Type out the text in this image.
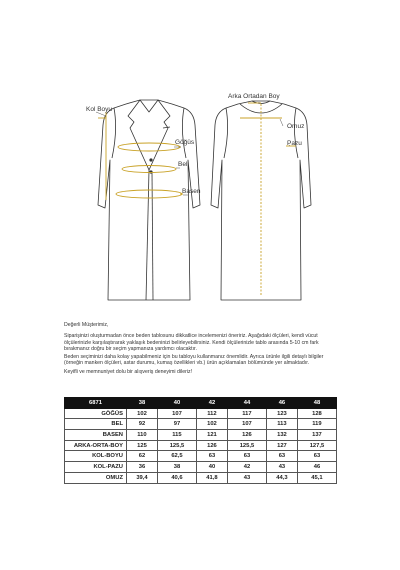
Kol Boyu
Göğüs
Bel
Basen
Arka Ortadan Boy
Omuz
Pazu

Değerli Müşterimiz,

Siparişinizi oluşturmadan önce beden tablosunu dikkatlice incelemenizi öneririz. Aşağıdaki ölçüleri, kendi vücut ölçülerinizle karşılaştırarak yaklaşık bedeninizi belirleyebilirsiniz. Kendi ölçülerinizle tablo arasında 5-10 cm fark bırakmanız doğru bir seçim yapmanıza yardımcı olacaktır.

Beden seçiminizi daha kolay yapabilmeniz için bu tabloyu kullanmanız önemlidir. Ayrıca ürünle ilgili detaylı bilgiler (örneğin manken ölçüleri, astar durumu, kumaş özellikleri vb.) ürün açıklamaları bölümünde yer almaktadır.

Keyifli ve memnuniyet dolu bir alışveriş deneyimi dileriz!

6871	38	40	42	44	46	48
GÖĞÜS	102	107	112	117	123	128
BEL	92	97	102	107	113	119
BASEN	110	115	121	126	132	137
ARKA-ORTA-BOY	125	125,5	126	125,5	127	127,5
KOL-BOYU	62	62,5	63	63	63	63
KOL-PAZU	36	38	40	42	43	46
OMUZ	39,4	40,6	41,8	43	44,3	45,1
